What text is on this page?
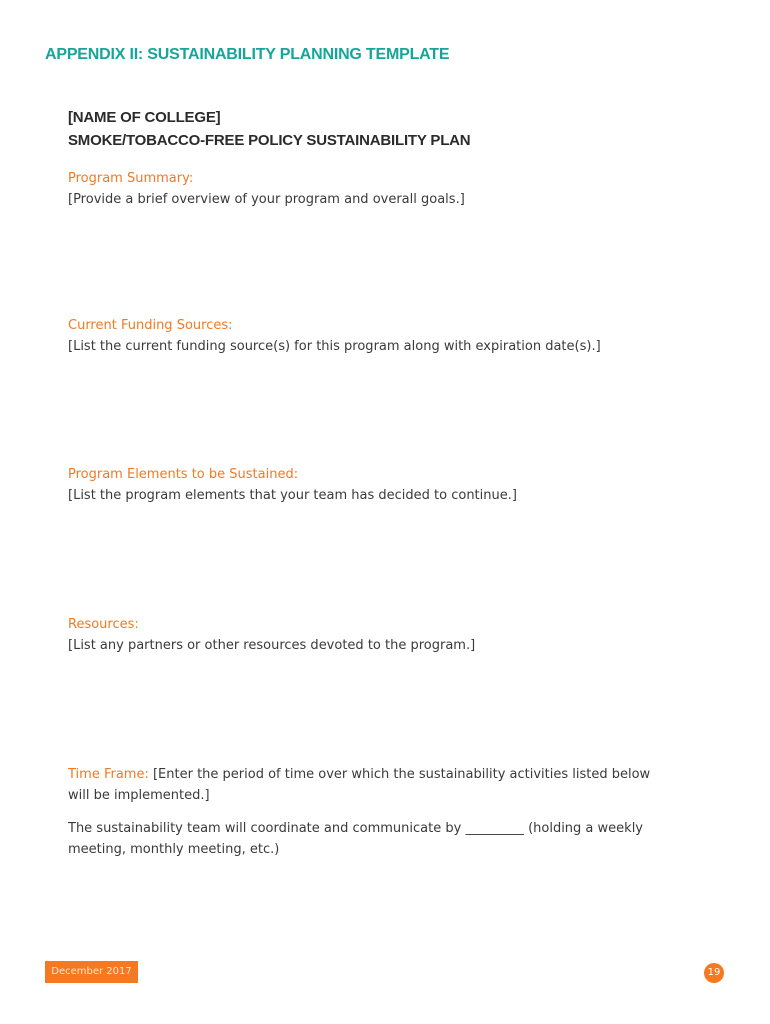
APPENDIX II: SUSTAINABILITY PLANNING TEMPLATE
[NAME OF COLLEGE]
SMOKE/TOBACCO-FREE POLICY SUSTAINABILITY PLAN
Program Summary:
[Provide a brief overview of your program and overall goals.]
Current Funding Sources:
[List the current funding source(s) for this program along with expiration date(s).]
Program Elements to be Sustained:
[List the program elements that your team has decided to continue.]
Resources:
[List any partners or other resources devoted to the program.]

Time Frame: [Enter the period of time over which the sustainability activities listed below will be implemented.]

The sustainability team will coordinate and communicate by _________ (holding a weekly meeting, monthly meeting, etc.)

December 2017	19
